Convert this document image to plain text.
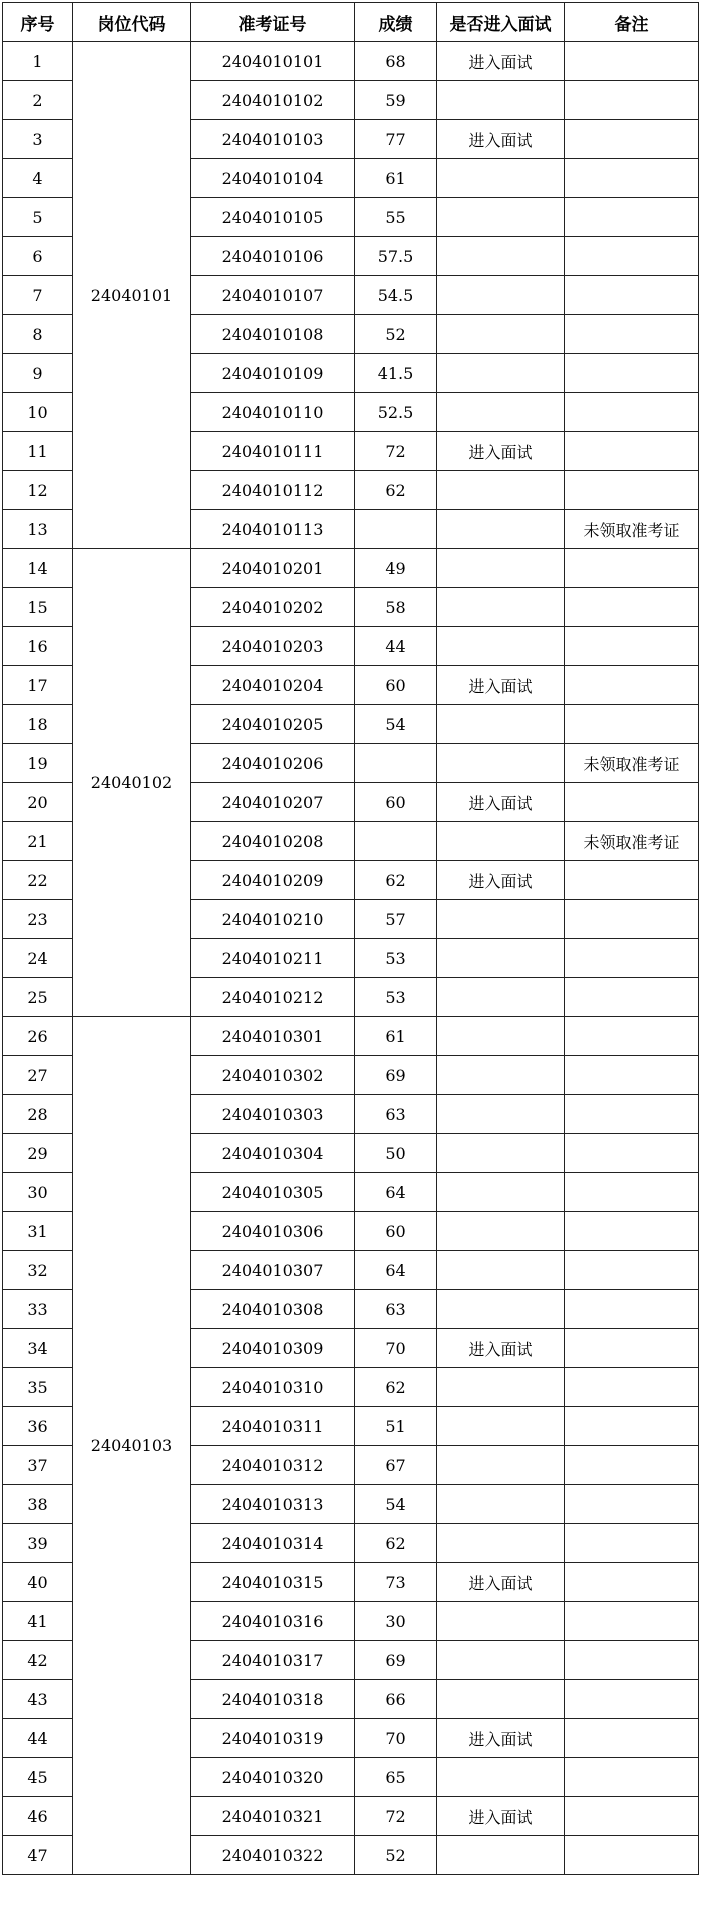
序号	岗位代码	准考证号	成绩	是否进入面试	备注
1	24040101	2404010101	68	进入面试	
2		2404010102	59		
3		2404010103	77	进入面试	
4		2404010104	61		
5		2404010105	55		
6		2404010106	57.5		
7		2404010107	54.5		
8		2404010108	52		
9		2404010109	41.5		
10		2404010110	52.5		
11		2404010111	72	进入面试	
12		2404010112	62		
13		2404010113			未领取准考证
14	24040102	2404010201	49		
15		2404010202	58		
16		2404010203	44		
17		2404010204	60	进入面试	
18		2404010205	54		
19		2404010206			未领取准考证
20		2404010207	60	进入面试	
21		2404010208			未领取准考证
22		2404010209	62	进入面试	
23		2404010210	57		
24		2404010211	53		
25		2404010212	53		
26	24040103	2404010301	61		
27		2404010302	69		
28		2404010303	63		
29		2404010304	50		
30		2404010305	64		
31		2404010306	60		
32		2404010307	64		
33		2404010308	63		
34		2404010309	70	进入面试	
35		2404010310	62		
36		2404010311	51		
37		2404010312	67		
38		2404010313	54		
39		2404010314	62		
40		2404010315	73	进入面试	
41		2404010316	30		
42		2404010317	69		
43		2404010318	66		
44		2404010319	70	进入面试	
45		2404010320	65		
46		2404010321	72	进入面试	
47		2404010322	52		
